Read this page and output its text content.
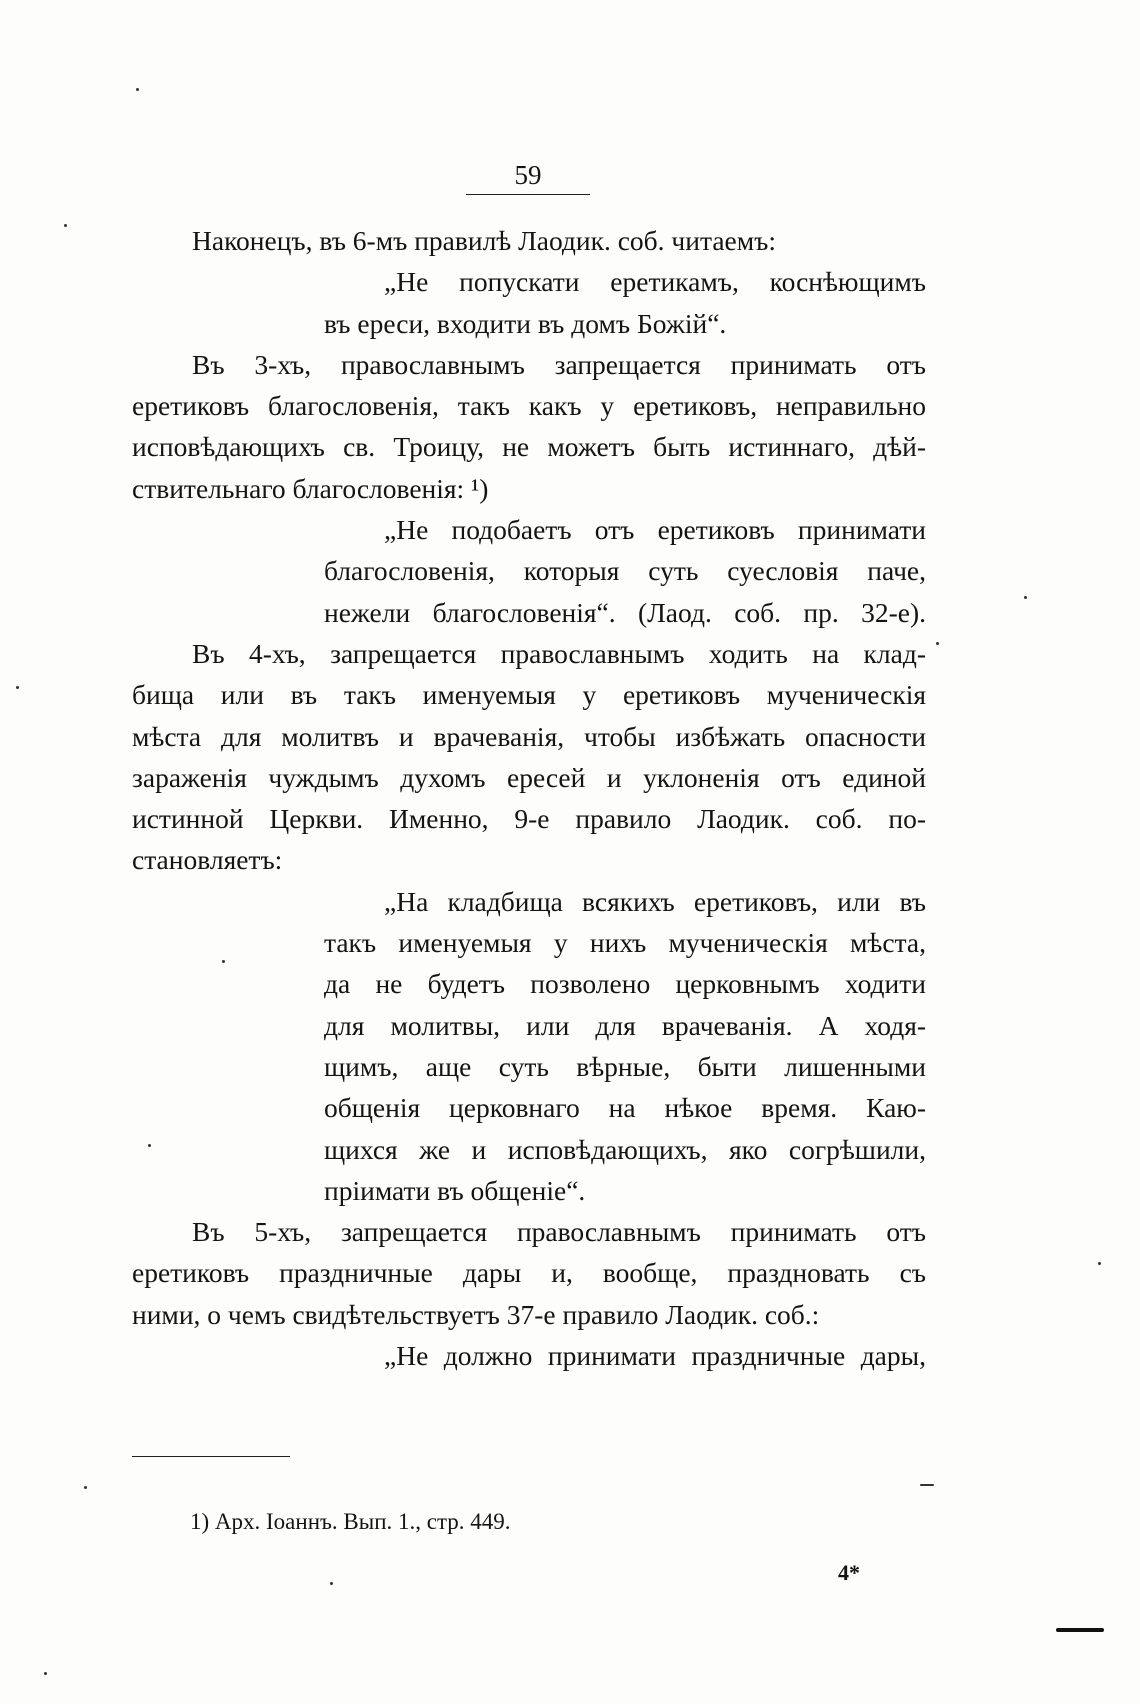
59
Наконецъ, въ 6-мъ правилѣ Лаодик. соб. читаемъ:
„Не попускати еретикамъ, коснѣющимъ
въ ереси, входити въ домъ Божій“.
Въ 3-хъ, православнымъ запрещается принимать отъ
еретиковъ благословенія, такъ какъ у еретиковъ, неправильно
исповѣдающихъ св. Троицу, не можетъ быть истиннаго, дѣй-
ствительнаго благословенія: ¹)
„Не подобаетъ отъ еретиковъ принимати
благословенія, которыя суть суесловія паче,
нежели благословенія“. (Лаод. соб. пр. 32-е).
Въ 4-хъ, запрещается православнымъ ходить на клад-
бища или въ такъ именуемыя у еретиковъ мученическія
мѣста для молитвъ и врачеванія, чтобы избѣжать опасности
зараженія чуждымъ духомъ ересей и уклоненія отъ единой
истинной Церкви. Именно, 9-е правило Лаодик. соб. по-
становляетъ:
„На кладбища всякихъ еретиковъ, или въ
такъ именуемыя у нихъ мученическія мѣста,
да не будетъ позволено церковнымъ ходити
для молитвы, или для врачеванія. А ходя-
щимъ, аще суть вѣрные, быти лишенными
общенія церковнаго на нѣкое время. Каю-
щихся же и исповѣдающихъ, яко согрѣшили,
пріимати въ общеніе“.
Въ 5-хъ, запрещается православнымъ принимать отъ
еретиковъ праздничные дары и, вообще, праздновать съ
ними, о чемъ свидѣтельствуетъ 37-е правило Лаодик. соб.:
„Не должно принимати праздничные дары,
1) Арх. Іоаннъ. Вып. 1., стр. 449.
4*
